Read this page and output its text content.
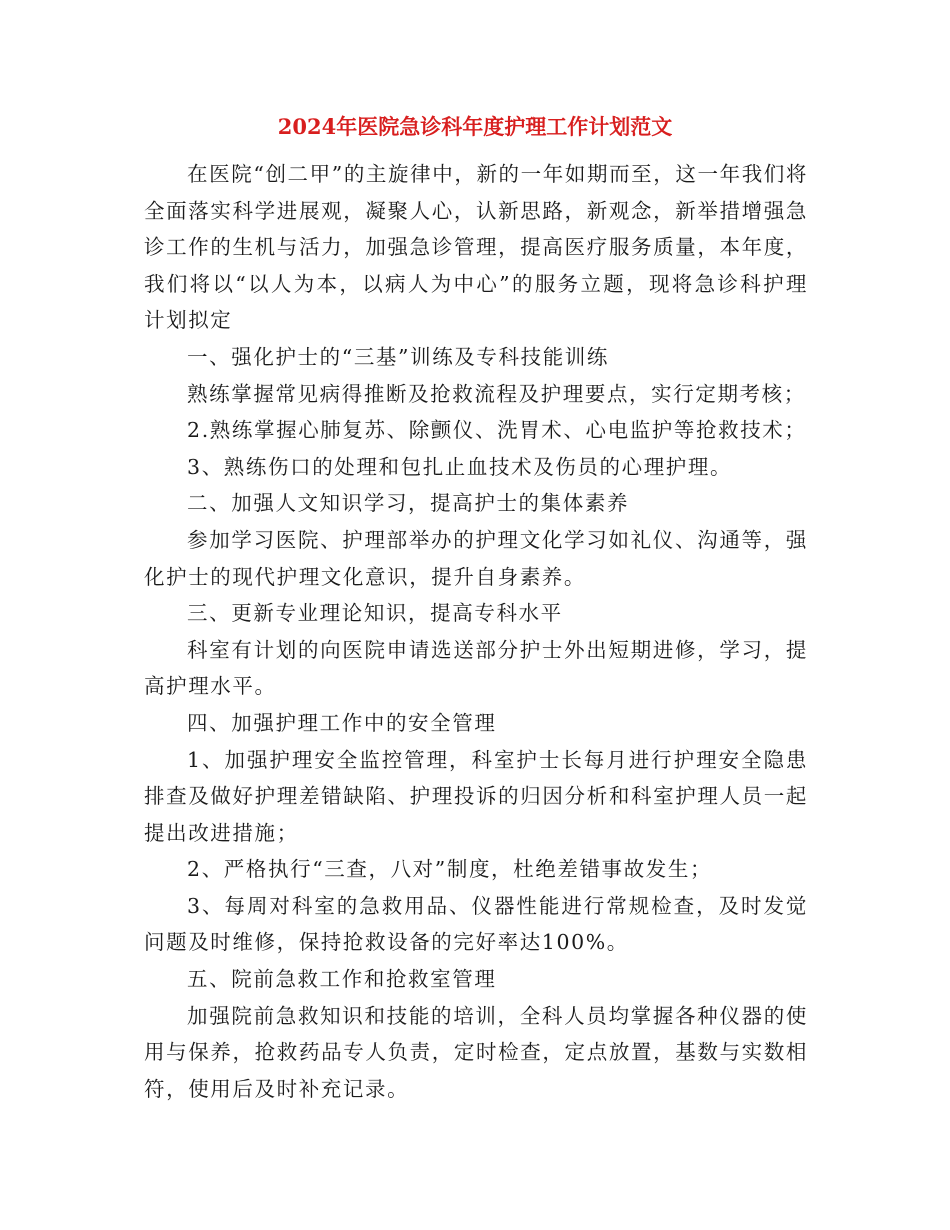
2024年医院急诊科年度护理工作计划范文

在医院“创二甲”的主旋律中，新的一年如期而至，这一年我们将全面落实科学进展观，凝聚人心，认新思路，新观念，新举措增强急诊工作的生机与活力，加强急诊管理，提高医疗服务质量，本年度，我们将以“以人为本，以病人为中心”的服务立题，现将急诊科护理计划拟定

一、强化护士的“三基”训练及专科技能训练

熟练掌握常见病得推断及抢救流程及护理要点，实行定期考核；

2.熟练掌握心肺复苏、除颤仪、洗胃术、心电监护等抢救技术；

3、熟练伤口的处理和包扎止血技术及伤员的心理护理。

二、加强人文知识学习，提高护士的集体素养

参加学习医院、护理部举办的护理文化学习如礼仪、沟通等，强化护士的现代护理文化意识，提升自身素养。

三、更新专业理论知识，提高专科水平

科室有计划的向医院申请选送部分护士外出短期进修，学习，提高护理水平。

四、加强护理工作中的安全管理

1、加强护理安全监控管理，科室护士长每月进行护理安全隐患排查及做好护理差错缺陷、护理投诉的归因分析和科室护理人员一起提出改进措施；

2、严格执行“三查，八对”制度，杜绝差错事故发生；

3、每周对科室的急救用品、仪器性能进行常规检查，及时发觉问题及时维修，保持抢救设备的完好率达100%。

五、院前急救工作和抢救室管理

加强院前急救知识和技能的培训，全科人员均掌握各种仪器的使用与保养，抢救药品专人负责，定时检查，定点放置，基数与实数相符，使用后及时补充记录。
